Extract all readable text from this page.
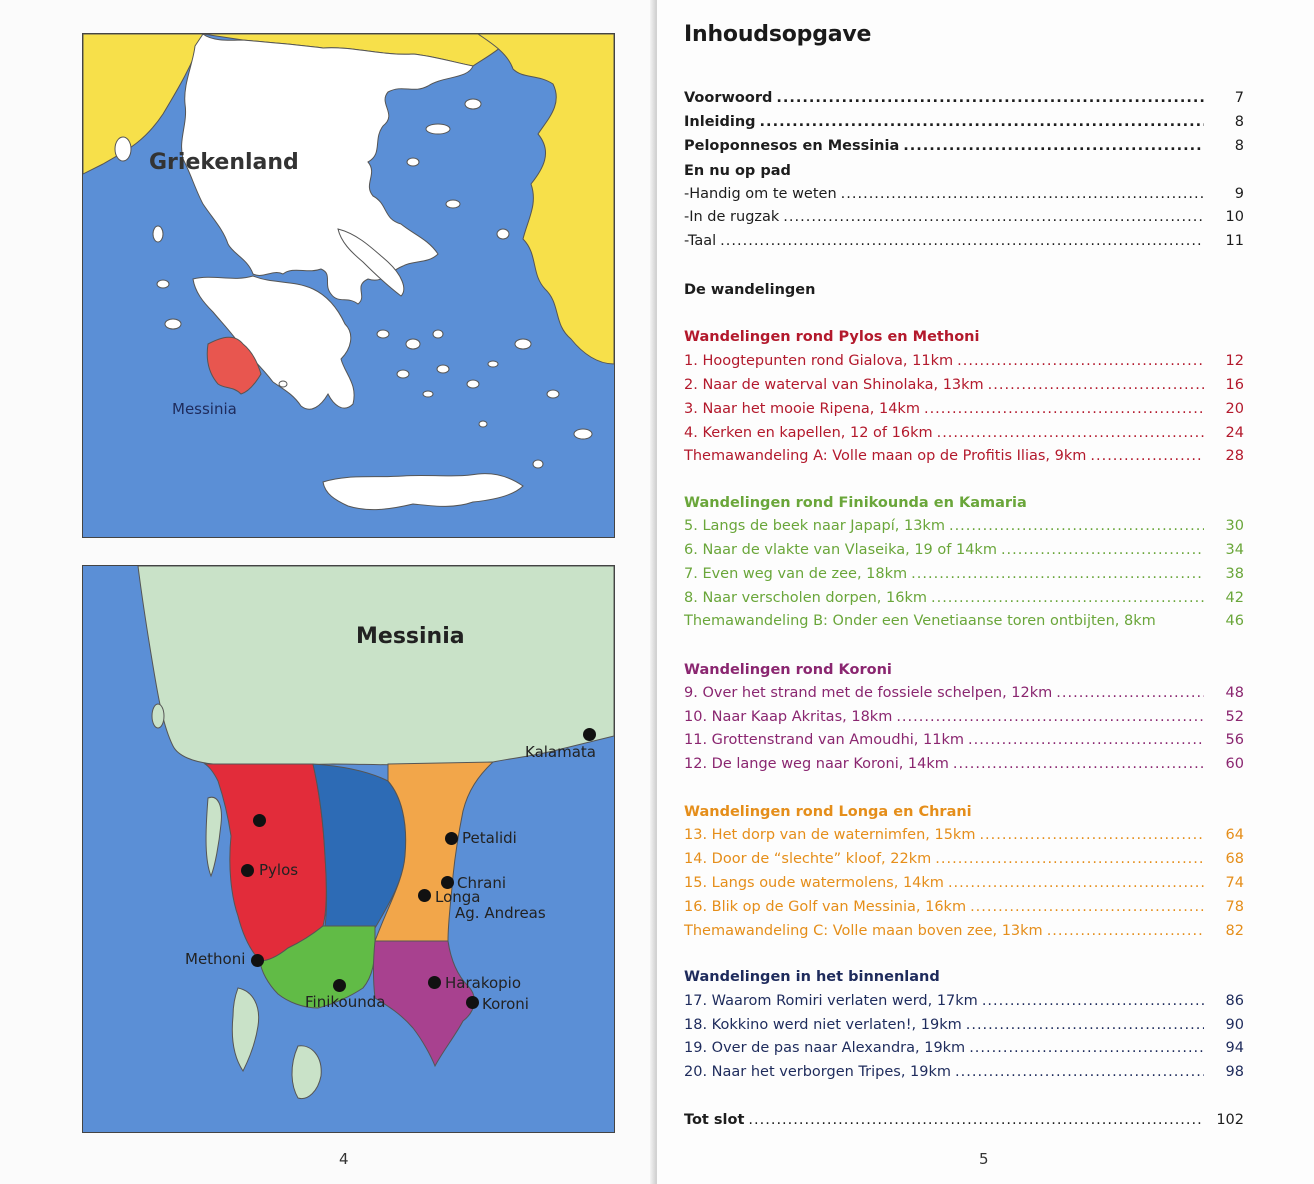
Griekenland
Messinia
Messinia
Kalamata
Petalidi
Pylos
Chrani
Longa
Ag. Andreas
Methoni
Harakopio
Finikounda	Koroni
4
Inhoudsopgave
Voorwoord .....	7
Inleiding .....	8
Peloponnesos en Messinia .....	8
En nu op pad
-Handig om te weten .....	9
-In de rugzak .....	10
-Taal .....	11
De wandelingen
Wandelingen rond Pylos en Methoni
1. Hoogtepunten rond Gialova, 11km .....	12
2. Naar de waterval van Shinolaka, 13km .....	16
3. Naar het mooie Ripena, 14km .....	20
4. Kerken en kapellen, 12 of 16km .....	24
Themawandeling A: Volle maan op de Profitis Ilias, 9km .....	28
Wandelingen rond Finikounda en Kamaria
5. Langs de beek naar Japapí, 13km .....	30
6. Naar de vlakte van Vlaseika, 19 of 14km .....	34
7. Even weg van de zee, 18km .....	38
8. Naar verscholen dorpen, 16km .....	42
Themawandeling B: Onder een Venetiaanse toren ontbijten, 8km	46
Wandelingen rond Koroni
9. Over het strand met de fossiele schelpen, 12km .....	48
10. Naar Kaap Akritas, 18km .....	52
11. Grottenstrand van Amoudhi, 11km .....	56
12. De lange weg naar Koroni, 14km .....	60
Wandelingen rond Longa en Chrani
13. Het dorp van de waternimfen, 15km .....	64
14. Door de “slechte” kloof, 22km .....	68
15. Langs oude watermolens, 14km .....	74
16. Blik op de Golf van Messinia, 16km .....	78
Themawandeling C: Volle maan boven zee, 13km .....	82
Wandelingen in het binnenland
17. Waarom Romiri verlaten werd, 17km .....	86
18. Kokkino werd niet verlaten!, 19km .....	90
19. Over de pas naar Alexandra, 19km .....	94
20. Naar het verborgen Tripes, 19km .....	98
Tot slot .....	102
5
